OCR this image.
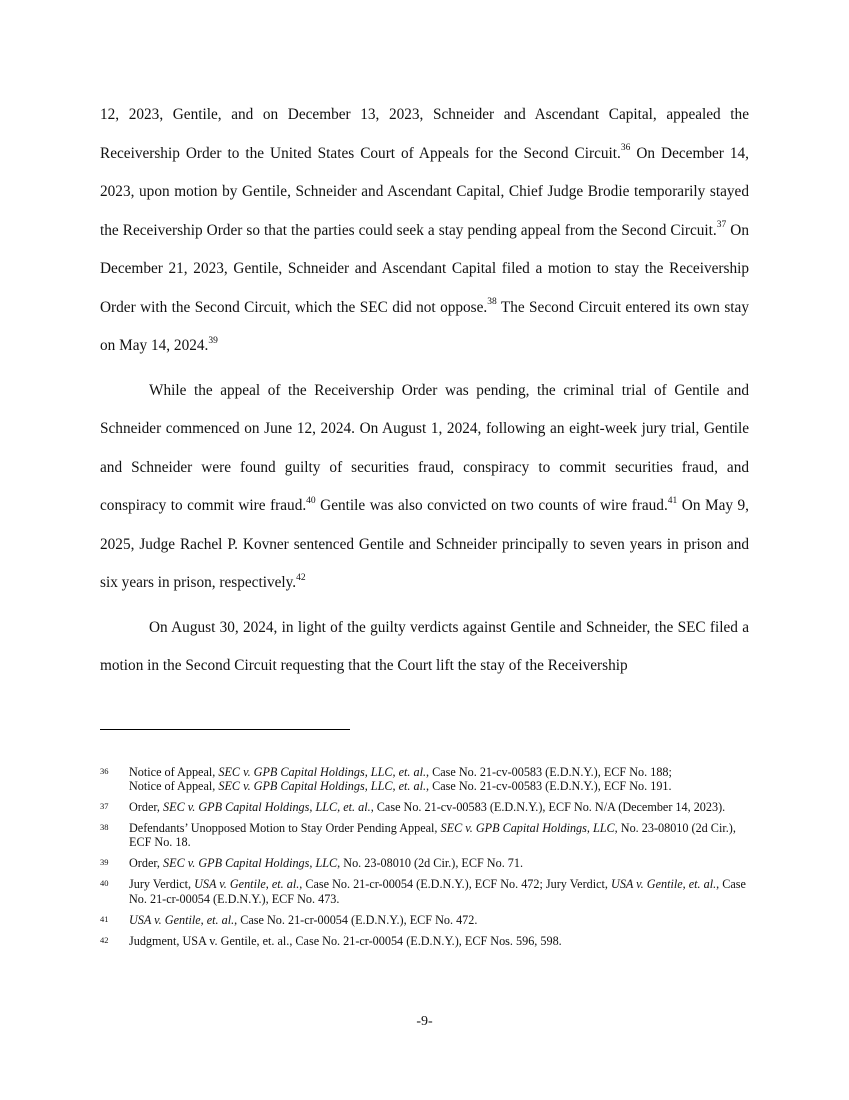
12, 2023, Gentile, and on December 13, 2023, Schneider and Ascendant Capital, appealed the Receivership Order to the United States Court of Appeals for the Second Circuit.$^{36}$ On December 14, 2023, upon motion by Gentile, Schneider and Ascendant Capital, Chief Judge Brodie temporarily stayed the Receivership Order so that the parties could seek a stay pending appeal from the Second Circuit.$^{37}$ On December 21, 2023, Gentile, Schneider and Ascendant Capital filed a motion to stay the Receivership Order with the Second Circuit, which the SEC did not oppose.$^{38}$ The Second Circuit entered its own stay on May 14, 2024.39

While the appeal of the Receivership Order was pending, the criminal trial of Gentile and Schneider commenced on June 12, 2024. On August 1, 2024, following an eight-week jury trial, Gentile and Schneider were found guilty of securities fraud, conspiracy to commit securities fraud, and conspiracy to commit wire fraud.$^{40}$ Gentile was also convicted on two counts of wire fraud.$^{41}$ On May 9, 2025, Judge Rachel P. Kovner sentenced Gentile and Schneider principally to seven years in prison and six years in prison, respectively.$^{42}$

On August 30, 2024, in light of the guilty verdicts against Gentile and Schneider, the SEC filed a motion in the Second Circuit requesting that the Court lift the stay of the Receivership

36	Notice of Appeal, SEC v. GPB Capital Holdings, LLC, et. al., Case No. 21-cv-00583 (E.D.N.Y.), ECF No. 188;
Notice of Appeal, SEC v. GPB Capital Holdings, LLC, et. al., Case No. 21-cv-00583 (E.D.N.Y.), ECF No. 191.
37	Order, SEC v. GPB Capital Holdings, LLC, et. al., Case No. 21-cv-00583 (E.D.N.Y.), ECF No. N/A (December 14, 2023).
38	Defendants’ Unopposed Motion to Stay Order Pending Appeal, SEC v. GPB Capital Holdings, LLC, No. 23-08010 (2d Cir.), ECF No. 18.
39	Order, SEC v. GPB Capital Holdings, LLC, No. 23-08010 (2d Cir.), ECF No. 71.
40	Jury Verdict, USA v. Gentile, et. al., Case No. 21-cr-00054 (E.D.N.Y.), ECF No. 472; Jury Verdict, USA v. Gentile, et. al., Case No. 21-cr-00054 (E.D.N.Y.), ECF No. 473.
41	USA v. Gentile, et. al., Case No. 21-cr-00054 (E.D.N.Y.), ECF No. 472.
42	Judgment, USA v. Gentile, et. al., Case No. 21-cr-00054 (E.D.N.Y.), ECF Nos. 596, 598.
-9-
